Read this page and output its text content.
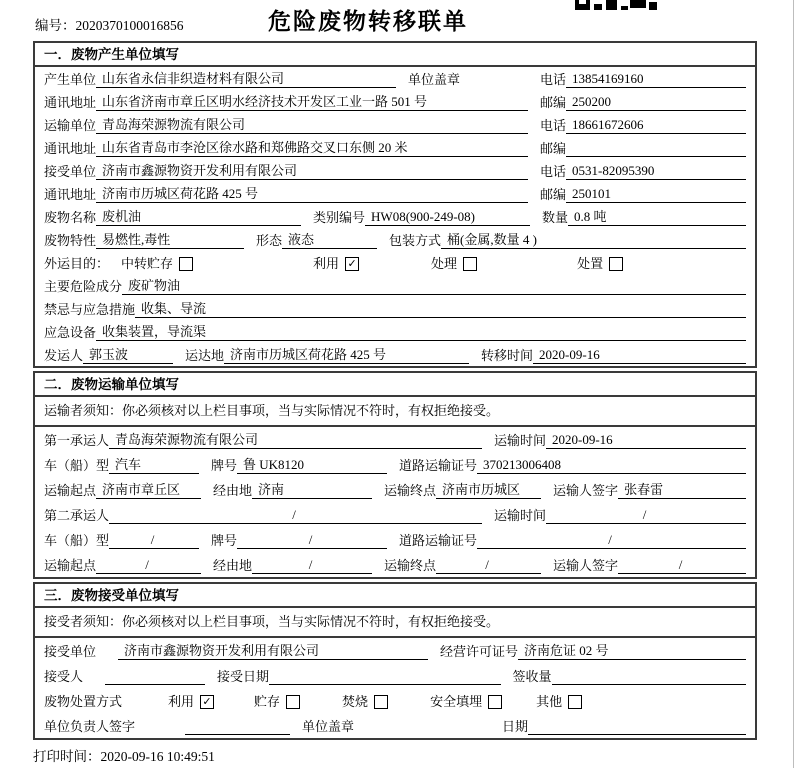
编号：2020370100016856	危险废物转移联单
一．废物产生单位填写
产生单位 山东省永信非织造材料有限公司	单位盖章	电话 13854169160
通讯地址 山东省济南市章丘区明水经济技术开发区工业一路 501 号	邮编 250200
运输单位 青岛海荣源物流有限公司	电话 18661672606
通讯地址 山东省青岛市李沧区徐水路和郑佛路交叉口东侧 20 米	邮编
接受单位 济南市鑫源物资开发利用有限公司	电话 0531-82095390
通讯地址 济南市历城区荷花路 425 号	邮编 250101
废物名称 废机油	类别编号 HW08(900-249-08)	数量 0.8 吨
废物特性 易燃性,毒性	形态 液态	包装方式 桶(金属,数量 4 )
外运目的： 中转贮存	利用 ✓	处理	处置
主要危险成分 废矿物油
禁忌与应急措施 收集、导流
应急设备 收集装置，导流渠
发运人 郭玉波	运达地 济南市历城区荷花路 425 号	转移时间 2020-09-16
二．废物运输单位填写
运输者须知：你必须核对以上栏目事项，当与实际情况不符时，有权拒绝接受。
第一承运人 青岛海荣源物流有限公司	运输时间 2020-09-16
车（船）型 汽车	牌号 鲁 UK8120	道路运输证号 370213006408
运输起点 济南市章丘区	经由地 济南	运输终点 济南市历城区	运输人签字 张春雷
第二承运人	/	运输时间	/
车（船）型	/	牌号	/	道路运输证号	/
运输起点	/	经由地	/	运输终点	/	运输人签字	/
三．废物接受单位填写
接受者须知：你必须核对以上栏目事项，当与实际情况不符时，有权拒绝接受。
接受单位	济南市鑫源物资开发利用有限公司	经营许可证号 济南危证 02 号
接受人	接受日期	签收量
废物处置方式	利用 ✓	贮存	焚烧	安全填埋	其他
单位负责人签字	单位盖章	日期
打印时间：2020-09-16 10:49:51
